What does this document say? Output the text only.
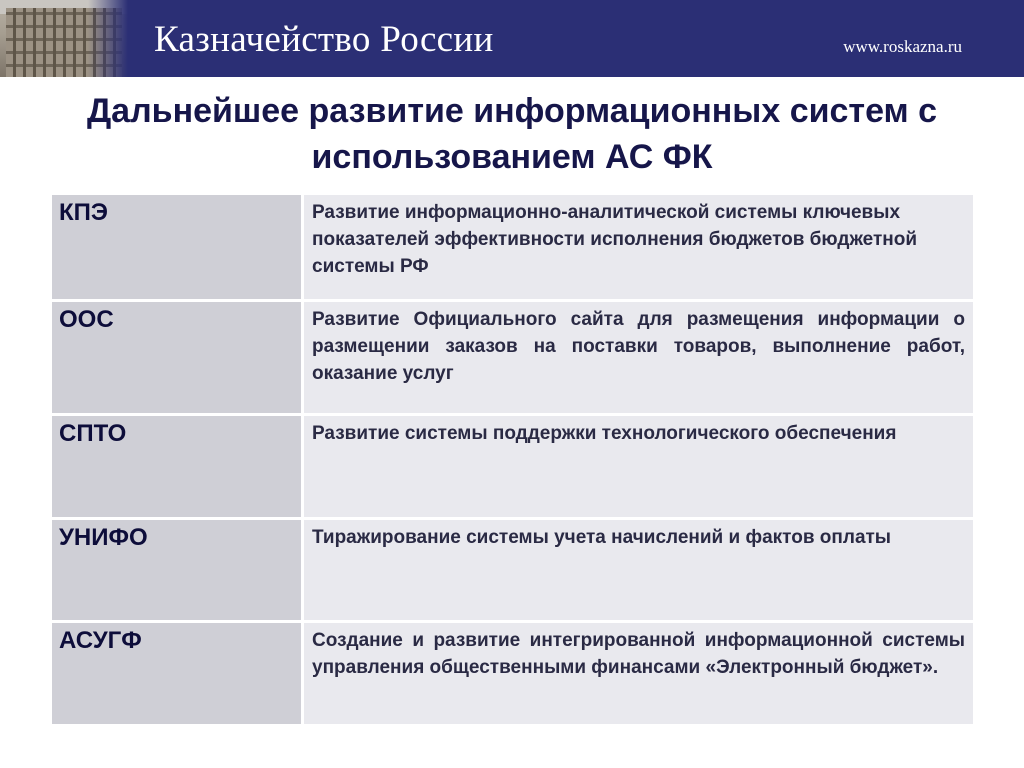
Казначейство России	www.roskazna.ru
Дальнейшее развитие информационных систем с
использованием АС ФК
КПЭ	Развитие информационно-аналитической системы ключевых показателей эффективности исполнения бюджетов бюджетной системы РФ
ООС	Развитие Официального сайта для размещения информации о размещении заказов на поставки товаров, выполнение работ, оказание услуг
СПТО	Развитие системы поддержки технологического обеспечения
УНИФО	Тиражирование системы учета начислений и фактов оплаты
АСУГФ	Создание и развитие интегрированной информационной системы управления общественными финансами «Электронный бюджет».
